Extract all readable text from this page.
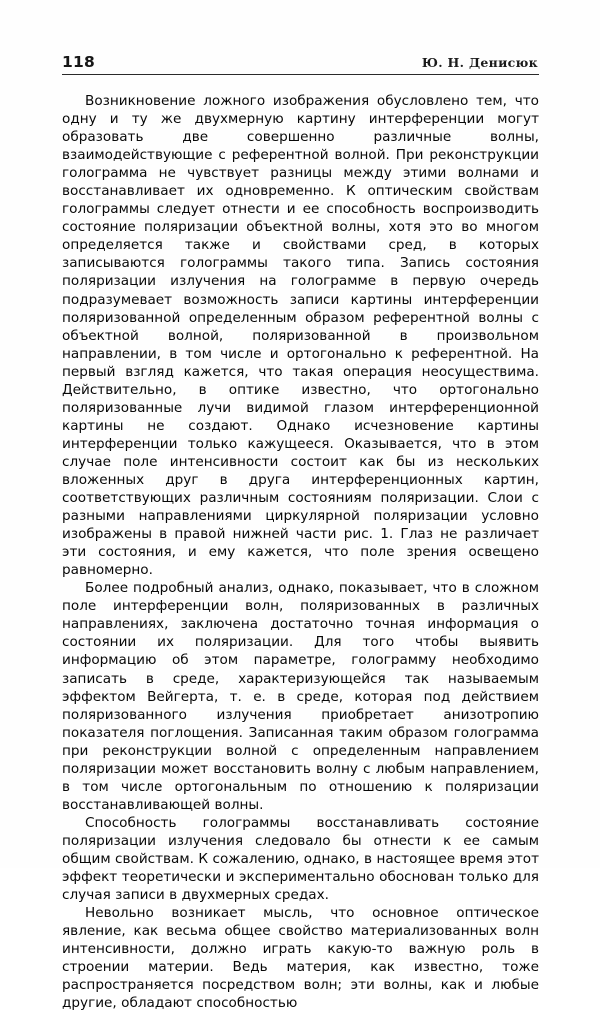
118	Ю. Н. Денисюк

Возникновение ложного изображения обусловлено тем, что одну и ту же двухмерную картину интерференции могут образовать две совершенно различные волны, взаимодействующие с референтной волной. При реконструкции голограмма не чувствует разницы между этими волнами и восстанавливает их одновременно. К оптическим свойствам голограммы следует отнести и ее способность воспроизводить состояние поляризации объектной волны, хотя это во многом определяется также и свойствами сред, в которых записываются голограммы такого типа. Запись состояния поляризации излучения на голограмме в первую очередь подразумевает возможность записи картины интерференции поляризованной определенным образом референтной волны с объектной волной, поляризованной в произвольном направлении, в том числе и ортогонально к референтной. На первый взгляд кажется, что такая операция неосуществима. Действительно, в оптике известно, что ортогонально поляризованные лучи видимой глазом интерференционной картины не создают. Однако исчезновение картины интерференции только кажущееся. Оказывается, что в этом случае поле интенсивности состоит как бы из нескольких вложенных друг в друга интерференционных картин, соответствующих различным состояниям поляризации. Слои с разными направлениями циркулярной поляризации условно изображены в правой нижней части рис. 1. Глаз не различает эти состояния, и ему кажется, что поле зрения освещено равномерно.

Более подробный анализ, однако, показывает, что в сложном поле интерференции волн, поляризованных в различных направлениях, заключена достаточно точная информация о состоянии их поляризации. Для того чтобы выявить информацию об этом параметре, голограмму необходимо записать в среде, характеризующейся так называемым эффектом Вейгерта, т. е. в среде, которая под действием поляризованного излучения приобретает анизотропию показателя поглощения. Записанная таким образом голограмма при реконструкции волной с определенным направлением поляризации может восстановить волну с любым направлением, в том числе ортогональным по отношению к поляризации восстанавливающей волны.

Способность голограммы восстанавливать состояние поляризации излучения следовало бы отнести к ее самым общим свойствам. К сожалению, однако, в настоящее время этот эффект теоретически и экспериментально обоснован только для случая записи в двухмерных средах.

Невольно возникает мысль, что основное оптическое явление, как весьма общее свойство материализованных волн интенсивности, должно играть какую-то важную роль в строении материи. Ведь материя, как известно, тоже распространяется посредством волн; эти волны, как и любые другие, обладают способностью
